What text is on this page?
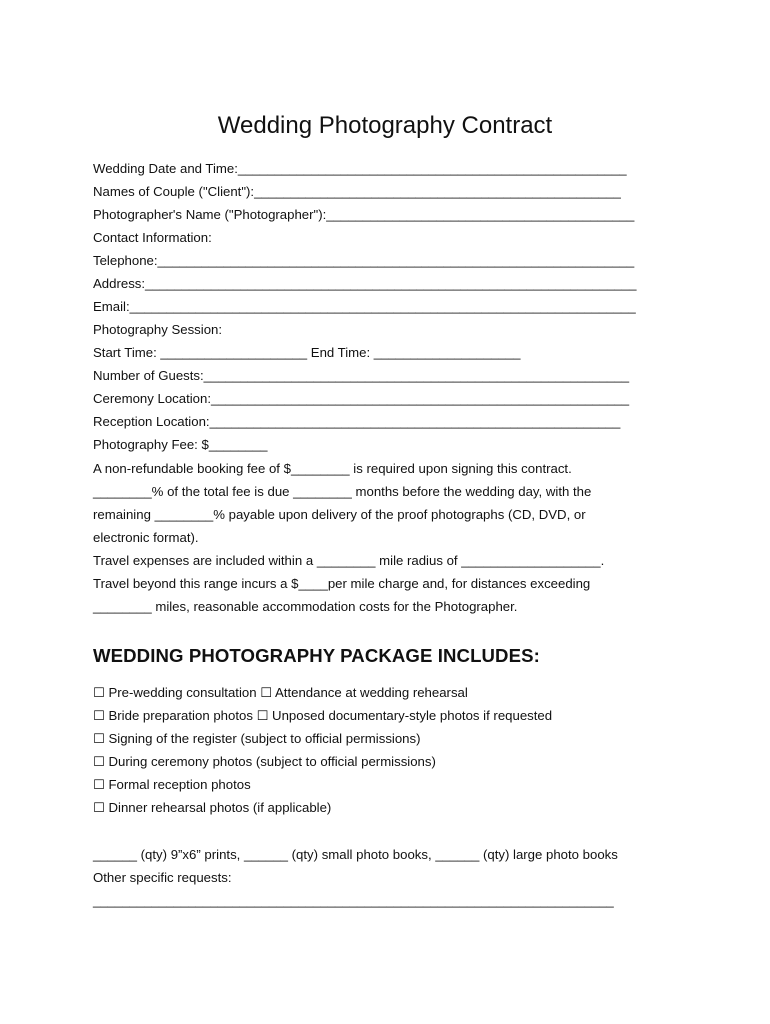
Wedding Photography Contract
Wedding Date and Time:_____________________________________________________
Names of Couple ("Client"):__________________________________________________
Photographer's Name ("Photographer"):__________________________________________
Contact Information:
Telephone:_________________________________________________________________
Address:___________________________________________________________________
Email:_____________________________________________________________________
Photography Session:
Start Time: ____________________ End Time: ____________________
Number of Guests:__________________________________________________________
Ceremony Location:_________________________________________________________
Reception Location:________________________________________________________
Photography Fee: $________
A non-refundable booking fee of $________ is required upon signing this contract.
________% of the total fee is due ________ months before the wedding day, with the
remaining ________% payable upon delivery of the proof photographs (CD, DVD, or
electronic format).
Travel expenses are included within a ________ mile radius of ___________________.
Travel beyond this range incurs a $____per mile charge and, for distances exceeding
________ miles, reasonable accommodation costs for the Photographer.
WEDDING PHOTOGRAPHY PACKAGE INCLUDES:
☐ Pre-wedding consultation ☐ Attendance at wedding rehearsal
☐ Bride preparation photos ☐ Unposed documentary-style photos if requested
☐ Signing of the register (subject to official permissions)
☐ During ceremony photos (subject to official permissions)
☐ Formal reception photos
☐ Dinner rehearsal photos (if applicable)
______ (qty) 9”x6” prints, ______ (qty) small photo books, ______ (qty) large photo books
Other specific requests:
_______________________________________________________________________
